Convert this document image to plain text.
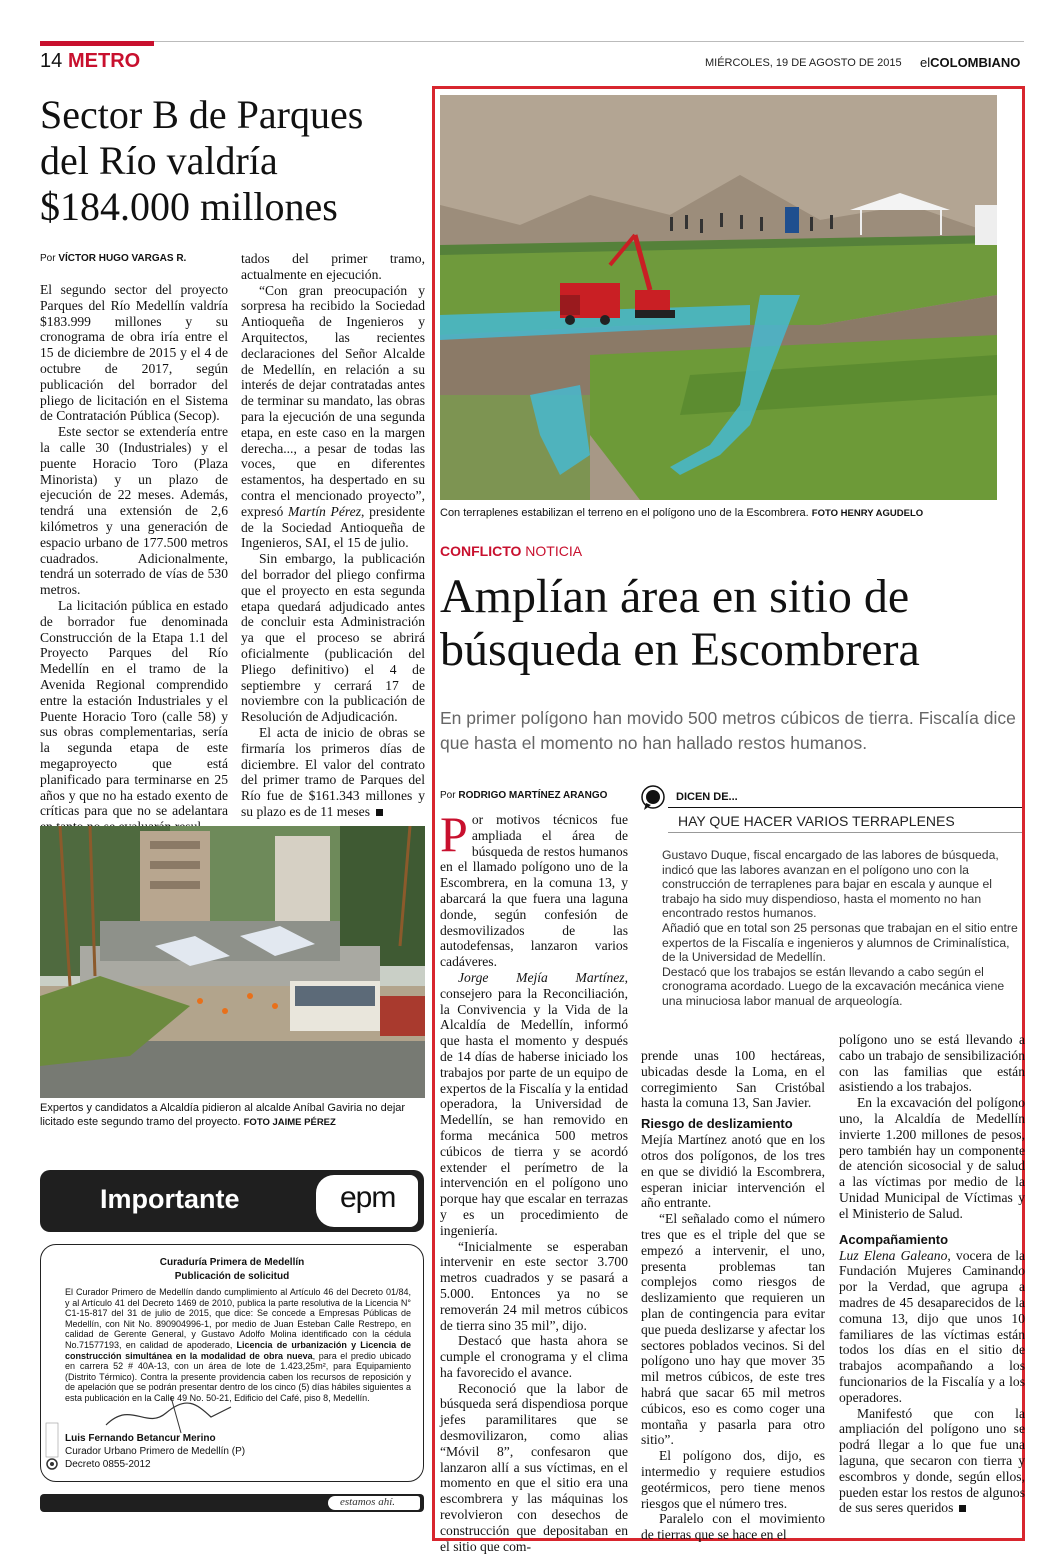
14 METRO	MIÉRCOLES, 19 DE AGOSTO DE 2015 elCOLOMBIANO
Sector B de Parques del Río valdría $184.000 millones
Por VÍCTOR HUGO VARGAS R.

El segundo sector del proyecto Parques del Río Medellín valdría $183.999 millones y su cronograma de obra iría entre el 15 de diciembre de 2015 y el 4 de octubre de 2017, según publicación del borrador del pliego de licitación en el Sistema de Contratación Pública (Secop).

Este sector se extendería entre la calle 30 (Industriales) y el puente Horacio Toro (Plaza Minorista) y un plazo de ejecución de 22 meses. Además, tendrá una extensión de 2,6 kilómetros y una generación de espacio urbano de 177.500 metros cuadrados. Adicionalmente, tendrá un soterrado de vías de 530 metros.

La licitación pública en estado de borrador fue denominada Construcción de la Etapa 1.1 del Proyecto Parques del Río Medellín en el tramo de la Avenida Regional comprendido entre la estación Industriales y el Puente Horacio Toro (calle 58) y sus obras complementarias, sería la segunda etapa de este megaproyecto que está planificado para terminarse en 25 años y que no ha estado exento de críticas para que no se adelantara

tados del primer tramo, actualmente en ejecución.

“Con gran preocupación y sorpresa ha recibido la Sociedad Antioqueña de Ingenieros y Arquitectos, las recientes declaraciones del Señor Alcalde de Medellín, en relación a su interés de dejar contratadas antes de terminar su mandato, las obras para la ejecución de una segunda etapa, en este caso en la margen derecha..., a pesar de todas las voces, que en diferentes estamentos, ha despertado en su contra el mencionado proyecto”, expresó Martín Pérez, presidente de la Sociedad Antioqueña de Ingenieros, SAI, el 15 de julio.

Sin embargo, la publicación del borrador del pliego confirma que el proyecto en esta segunda etapa quedará adjudicado antes de concluir esta Administración ya que el proceso se abrirá oficialmente (publicación del Pliego definitivo) el 4 de septiembre y cerrará 17 de noviembre con la publicación de Resolución de Adjudicación.

El acta de inicio de obras se firmaría los primeros días de diciembre. El valor del contrato del primer tramo de Parques del Río fue de $161.343 millones y su plazo es de 11 meses

Expertos y candidatos a Alcaldía pidieron al alcalde Aníbal Gaviria no dejar licitado este segundo tramo del proyecto. FOTO JAIME PÉREZ
Importante	epm
Curaduría Primera de Medellín
Publicación de solicitud
El Curador Primero de Medellín dando cumplimiento al Artículo 46 del Decreto 01/84, y al Artículo 41 del Decreto 1469 de 2010, publica la parte resolutiva de la Licencia N° C1-15-817 del 31 de julio de 2015, que dice: Se concede a Empresas Públicas de Medellín, con Nit No. 890904996-1, por medio de Juan Esteban Calle Restrepo, en calidad de Gerente General, y Gustavo Adolfo Molina identificado con la cédula No.71577193, en calidad de apoderado, Licencia de urbanización y Licencia de construcción simultánea en la modalidad de obra nueva, para el predio ubicado en carrera 52 # 40A-13, con un área de lote de 1.423,25m², para Equipamiento (Distrito Térmico). Contra la presente providencia caben los recursos de reposición y de apelación que se podrán presentar dentro de los cinco (5) días hábiles siguientes a esta publicación en la Calle 49 No. 50-21, Edificio del Café, piso 8, Medellín.
Luis Fernando Betancur Merino
Curador Urbano Primero de Medellín (P)
Decreto 0855-2012
estamos ahí.
Con terraplenes estabilizan el terreno en el polígono uno de la Escombrera. FOTO HENRY AGUDELO
CONFLICTO NOTICIA
Amplían área en sitio de búsqueda en Escombrera
En primer polígono han movido 500 metros cúbicos de tierra. Fiscalía dice que hasta el momento no han hallado restos humanos.
Por RODRIGO MARTÍNEZ ARANGO

Por motivos técnicos fue ampliada el área de búsqueda de restos humanos en el llamado polígono uno de la Escombrera, en la comuna 13, y abarcará la que fuera una laguna donde, según confesión de desmovilizados de las autodefensas, lanzaron varios cadáveres.

Jorge Mejía Martínez, consejero para la Reconciliación, la Convivencia y la Vida de la Alcaldía de Medellín, informó que hasta el momento y después de 14 días de haberse iniciado los trabajos por parte de un equipo de expertos de la Fiscalía y la entidad operadora, la Universidad de Medellín, se han removido en forma mecánica 500 metros cúbicos de tierra y se acordó extender el perímetro de la intervención en el polígono uno porque hay que escalar en terrazas y es un procedimiento de ingeniería.

“Inicialmente se esperaban intervenir en este sector 3.700 metros cuadrados y se pasará a 5.000. Entonces ya no se removerán 24 mil metros cúbicos de tierra sino 35 mil”, dijo.

Destacó que hasta ahora se cumple el cronograma y el clima ha favorecido el avance.

Reconoció que la labor de búsqueda será dispendiosa porque jefes paramilitares que se desmovilizaron, como alias “Móvil 8”, confesaron que lanzaron allí a sus víctimas, en el momento en que el sitio era una escombrera y las máquinas los revolvieron con desechos de construcción que depositaban en el sitio que com-

DICEN DE...
HAY QUE HACER VARIOS TERRAPLENES

Gustavo Duque, fiscal encargado de las labores de búsqueda, indicó que las labores avanzan en el polígono uno con la construcción de terraplenes para bajar en escala y aunque el trabajo ha sido muy dispendioso, hasta el momento no han encontrado restos humanos.

Añadió que en total son 25 personas que trabajan en el sitio entre expertos de la Fiscalía e ingenieros y alumnos de Criminalística, de la Universidad de Medellín.

Destacó que los trabajos se están llevando a cabo según el cronograma acordado. Luego de la excavación mecánica viene una minuciosa labor manual de arqueología.

prende unas 100 hectáreas, ubicadas desde la Loma, en el corregimiento San Cristóbal hasta la comuna 13, San Javier.

Riesgo de deslizamiento

Mejía Martínez anotó que en los otros dos polígonos, de los tres en que se dividió la Escombrera, esperan iniciar intervención el año entrante.

“El señalado como el número tres que es el triple del que se empezó a intervenir, el uno, presenta problemas tan complejos como riesgos de deslizamiento que requieren un plan de contingencia para evitar que pueda deslizarse y afectar los sectores poblados vecinos. Si del polígono uno hay que mover 35 mil metros cúbicos, de este tres habrá que sacar 65 mil metros cúbicos, eso es como coger una montaña y pasarla para otro sitio”.

El polígono dos, dijo, es intermedio y requiere estudios geotérmicos, pero tiene menos riesgos que el número tres.

Paralelo con el movimiento de tierras que se hace en el

polígono uno se está llevando a cabo un trabajo de sensibilización con las familias que están asistiendo a los trabajos.

En la excavación del polígono uno, la Alcaldía de Medellín invierte 1.200 millones de pesos, pero también hay un componente de atención sicosocial y de salud a las víctimas por medio de la Unidad Municipal de Víctimas y el Ministerio de Salud.

Acompañamiento

Luz Elena Galeano, vocera de la Fundación Mujeres Caminando por la Verdad, que agrupa a madres de 45 desaparecidos de la comuna 13, dijo que unos 10 familiares de las víctimas están todos los días en el sitio de trabajos acompañando a los funcionarios de la Fiscalía y a los operadores.

Manifestó que con la ampliación del polígono uno se podrá llegar a lo que fue una laguna, que secaron con tierra y escombros y donde, según ellos, pueden estar los restos de algunos de sus seres queridos
